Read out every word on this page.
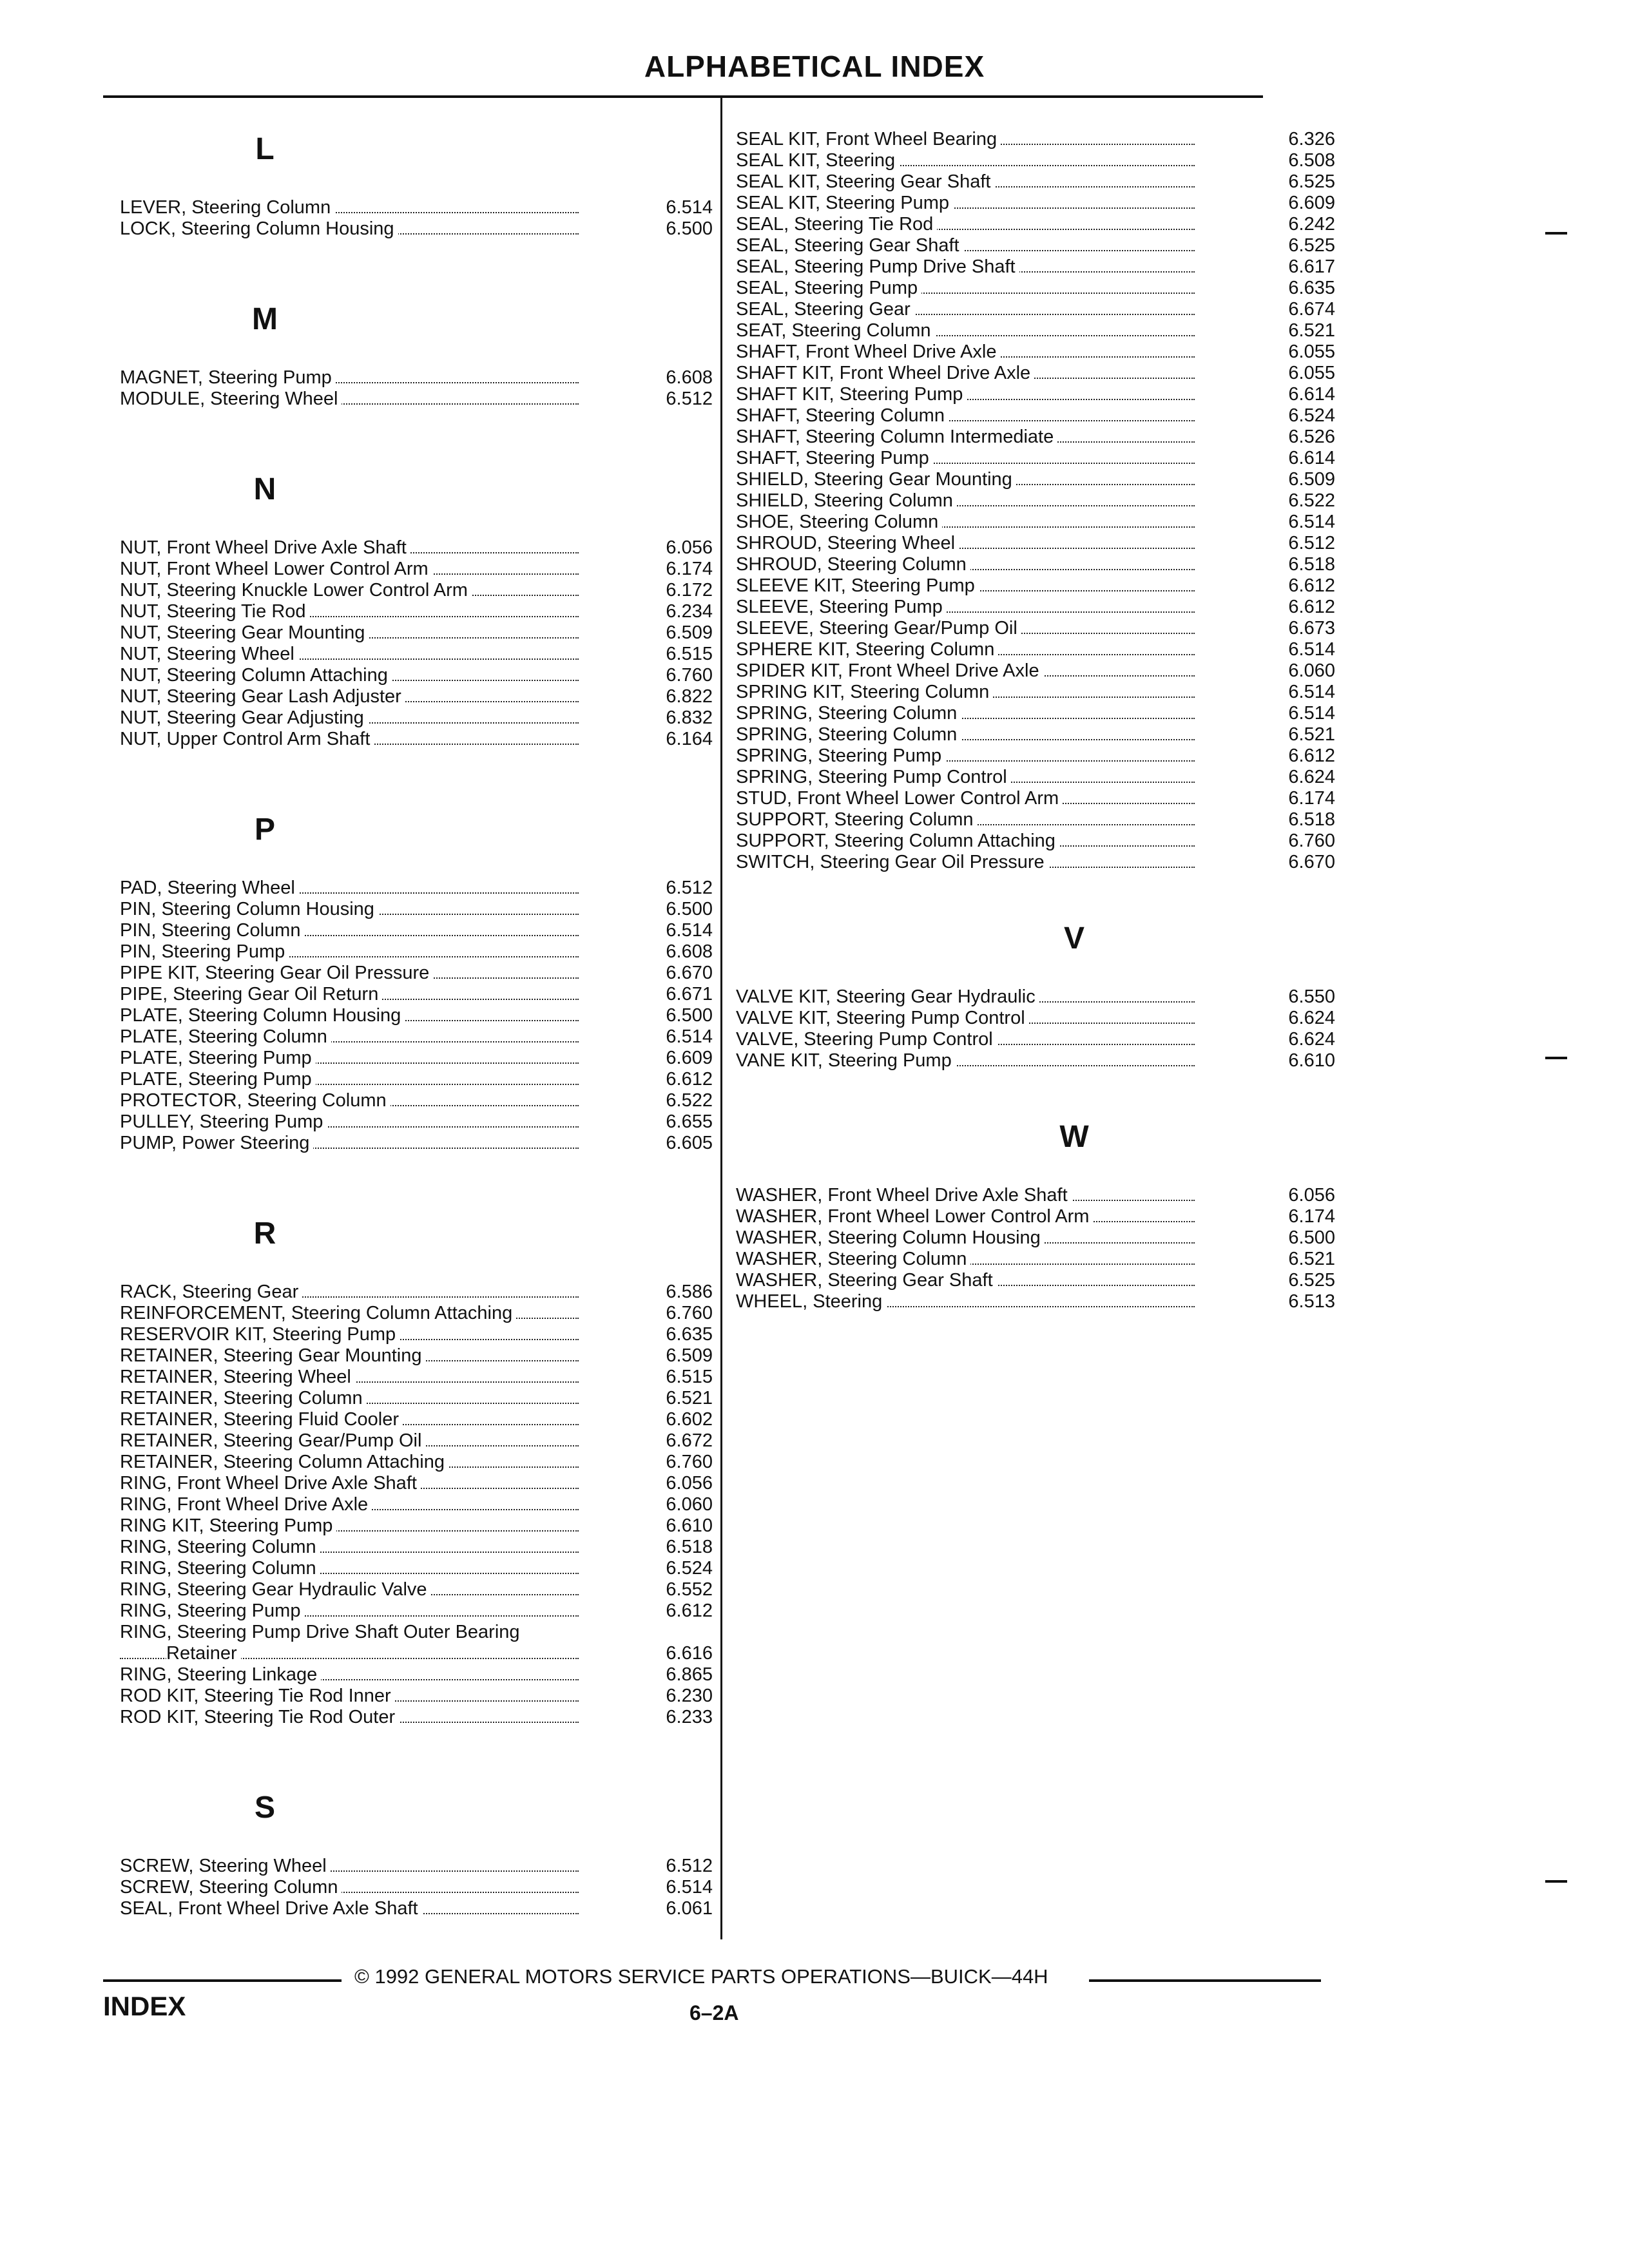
ALPHABETICAL INDEX
L
LEVER, Steering Column	6.514
LOCK, Steering Column Housing	6.500
M
MAGNET, Steering Pump	6.608
MODULE, Steering Wheel	6.512
N
NUT, Front Wheel Drive Axle Shaft	6.056
NUT, Front Wheel Lower Control Arm	6.174
NUT, Steering Knuckle Lower Control Arm	6.172
NUT, Steering Tie Rod	6.234
NUT, Steering Gear Mounting	6.509
NUT, Steering Wheel	6.515
NUT, Steering Column Attaching	6.760
NUT, Steering Gear Lash Adjuster	6.822
NUT, Steering Gear Adjusting	6.832
NUT, Upper Control Arm Shaft	6.164
P
PAD, Steering Wheel	6.512
PIN, Steering Column Housing	6.500
PIN, Steering Column	6.514
PIN, Steering Pump	6.608
PIPE KIT, Steering Gear Oil Pressure	6.670
PIPE, Steering Gear Oil Return	6.671
PLATE, Steering Column Housing	6.500
PLATE, Steering Column	6.514
PLATE, Steering Pump	6.609
PLATE, Steering Pump	6.612
PROTECTOR, Steering Column	6.522
PULLEY, Steering Pump	6.655
PUMP, Power Steering	6.605
R
RACK, Steering Gear	6.586
REINFORCEMENT, Steering Column Attaching	6.760
RESERVOIR KIT, Steering Pump	6.635
RETAINER, Steering Gear Mounting	6.509
RETAINER, Steering Wheel	6.515
RETAINER, Steering Column	6.521
RETAINER, Steering Fluid Cooler	6.602
RETAINER, Steering Gear/Pump Oil	6.672
RETAINER, Steering Column Attaching	6.760
RING, Front Wheel Drive Axle Shaft	6.056
RING, Front Wheel Drive Axle	6.060
RING KIT, Steering Pump	6.610
RING, Steering Column	6.518
RING, Steering Column	6.524
RING, Steering Gear Hydraulic Valve	6.552
RING, Steering Pump	6.612
RING, Steering Pump Drive Shaft Outer Bearing
Retainer	6.616
RING, Steering Linkage	6.865
ROD KIT, Steering Tie Rod Inner	6.230
ROD KIT, Steering Tie Rod Outer	6.233
S
SCREW, Steering Wheel	6.512
SCREW, Steering Column	6.514
SEAL, Front Wheel Drive Axle Shaft	6.061
SEAL KIT, Front Wheel Bearing	6.326
SEAL KIT, Steering	6.508
SEAL KIT, Steering Gear Shaft	6.525
SEAL KIT, Steering Pump	6.609
SEAL, Steering Tie Rod	6.242
SEAL, Steering Gear Shaft	6.525
SEAL, Steering Pump Drive Shaft	6.617
SEAL, Steering Pump	6.635
SEAL, Steering Gear	6.674
SEAT, Steering Column	6.521
SHAFT, Front Wheel Drive Axle	6.055
SHAFT KIT, Front Wheel Drive Axle	6.055
SHAFT KIT, Steering Pump	6.614
SHAFT, Steering Column	6.524
SHAFT, Steering Column Intermediate	6.526
SHAFT, Steering Pump	6.614
SHIELD, Steering Gear Mounting	6.509
SHIELD, Steering Column	6.522
SHOE, Steering Column	6.514
SHROUD, Steering Wheel	6.512
SHROUD, Steering Column	6.518
SLEEVE KIT, Steering Pump	6.612
SLEEVE, Steering Pump	6.612
SLEEVE, Steering Gear/Pump Oil	6.673
SPHERE KIT, Steering Column	6.514
SPIDER KIT, Front Wheel Drive Axle	6.060
SPRING KIT, Steering Column	6.514
SPRING, Steering Column	6.514
SPRING, Steering Column	6.521
SPRING, Steering Pump	6.612
SPRING, Steering Pump Control	6.624
STUD, Front Wheel Lower Control Arm	6.174
SUPPORT, Steering Column	6.518
SUPPORT, Steering Column Attaching	6.760
SWITCH, Steering Gear Oil Pressure	6.670
V
VALVE KIT, Steering Gear Hydraulic	6.550
VALVE KIT, Steering Pump Control	6.624
VALVE, Steering Pump Control	6.624
VANE KIT, Steering Pump	6.610
W
WASHER, Front Wheel Drive Axle Shaft	6.056
WASHER, Front Wheel Lower Control Arm	6.174
WASHER, Steering Column Housing	6.500
WASHER, Steering Column	6.521
WASHER, Steering Gear Shaft	6.525
WHEEL, Steering	6.513
© 1992 GENERAL MOTORS SERVICE PARTS OPERATIONS—BUICK—44H
INDEX	6–2A
